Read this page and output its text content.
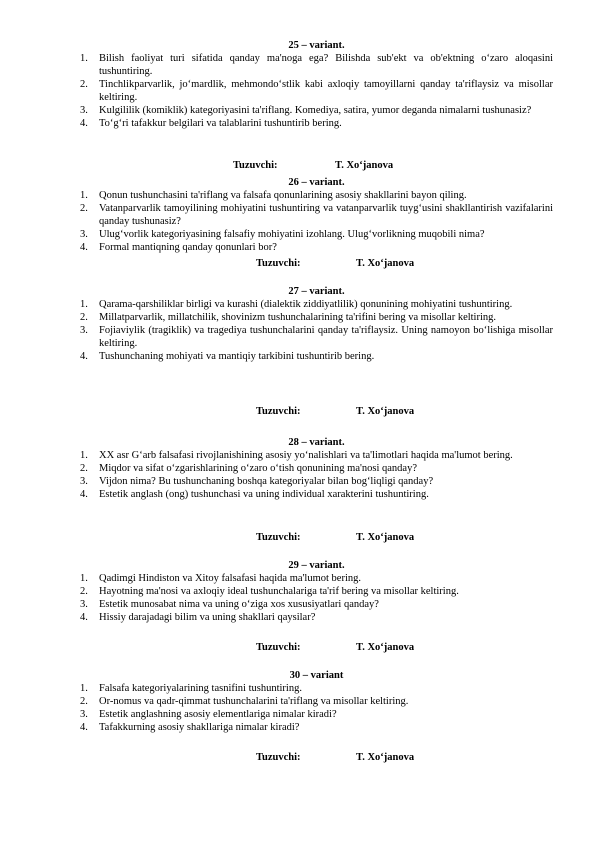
25 – variant.
1. Bilish faoliyat turi sifatida qanday ma'noga ega? Bilishda sub'ekt va ob'ektning o‘zaro aloqasini tushuntiring.
2. Tinchlikparvarlik, jo‘mardlik, mehmondo‘stlik kabi axloqiy tamoyillarni qanday ta'riflaysiz va misollar keltiring.
3. Kulgililik (komiklik) kategoriyasini ta'riflang. Komediya, satira, yumor deganda nimalarni tushunasiz?
4. To‘g‘ri tafakkur belgilari va talablarini tushuntirib bering.
Tuzuvchi:	T. Xo‘janova
26 – variant.
1. Qonun tushunchasini ta'riflang va falsafa qonunlarining asosiy shakllarini bayon qiling.
2. Vatanparvarlik tamoyilining mohiyatini tushuntiring va vatanparvarlik tuyg‘usini shakllantirish vazifalarini qanday tushunasiz?
3. Ulug‘vorlik kategoriyasining falsafiy mohiyatini izohlang. Ulug‘vorlikning muqobili nima?
4. Formal mantiqning qanday qonunlari bor?
Tuzuvchi:	T. Xo‘janova
27 – variant.
1. Qarama-qarshiliklar birligi va kurashi (dialektik ziddiyatlilik) qonunining mohiyatini tushuntiring.
2. Millatparvarlik, millatchilik, shovinizm tushunchalarining ta'rifini bering va misollar keltiring.
3. Fojiaviylik (tragiklik) va tragediya tushunchalarini qanday ta'riflaysiz. Uning namoyon bo‘lishiga misollar keltiring.
4. Tushunchaning mohiyati va mantiqiy tarkibini tushuntirib bering.
Tuzuvchi:	T. Xo‘janova
28 – variant.
1. XX asr G‘arb falsafasi rivojlanishining asosiy yo‘nalishlari va ta'limotlari haqida ma'lumot bering.
2. Miqdor va sifat o‘zgarishlarining o‘zaro o‘tish qonunining ma'nosi qanday?
3. Vijdon nima? Bu tushunchaning boshqa kategoriyalar bilan bog‘liqligi qanday?
4. Estetik anglash (ong) tushunchasi va uning individual xarakterini tushuntiring.
Tuzuvchi:	T. Xo‘janova
29 – variant.
1. Qadimgi Hindiston va Xitoy falsafasi haqida ma'lumot bering.
2. Hayotning ma'nosi va axloqiy ideal tushunchalariga ta'rif bering va misollar keltiring.
3. Estetik munosabat nima va uning o‘ziga xos xususiyatlari qanday?
4. Hissiy darajadagi bilim va uning shakllari qaysilar?
Tuzuvchi:	T. Xo‘janova
30 – variant
1. Falsafa kategoriyalarining tasnifini tushuntiring.
2. Or-nomus va qadr-qimmat tushunchalarini ta'riflang va misollar keltiring.
3. Estetik anglashning asosiy elementlariga nimalar kiradi?
4. Tafakkurning asosiy shakllariga nimalar kiradi?
Tuzuvchi:	T. Xo‘janova
